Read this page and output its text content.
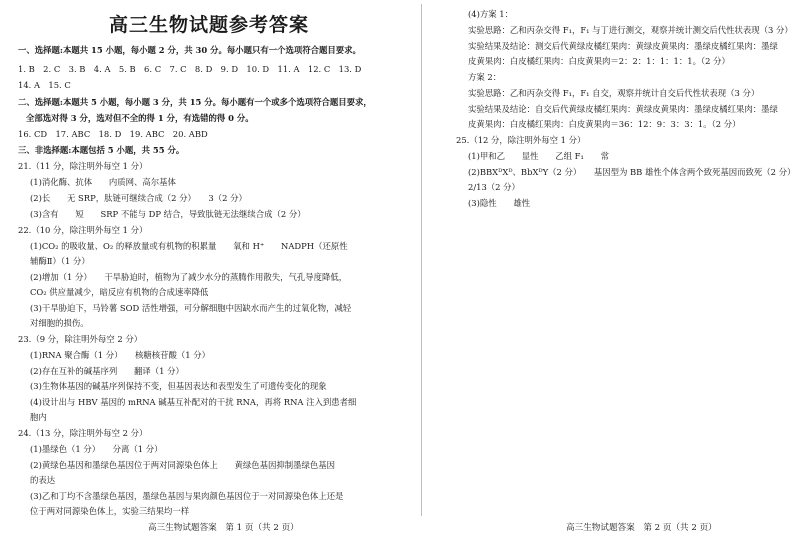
高三生物试题参考答案
一、选择题:本题共 15 小题，每小题 2 分，共 30 分。每小题只有一个选项符合题目要求。
1. B　2. C　3. B　4. A　5. B　6. C　7. C　8. D　9. D　10. D　11. A　12. C　13. D
14. A　15. C
二、选择题:本题共 5 小题，每小题 3 分，共 15 分。每小题有一个或多个选项符合题目要求，
全部选对得 3 分，选对但不全的得 1 分，有选错的得 0 分。
16. CD　17. ABC　18. D　19. ABC　20. ABD
三、非选择题:本题包括 5 小题，共 55 分。
21.（11 分，除注明外每空 1 分）
(1)消化酶、抗体　　内质网、高尔基体
(2)长　　无 SRP，肽链可继续合成（2 分）　　3（2 分）
(3)含有　　短　　SRP 不能与 DP 结合，导致肽链无法继续合成（2 分）
22.（10 分，除注明外每空 1 分）
(1)CO₂ 的吸收量、O₂ 的释放量或有机物的积累量　　氧和 H⁺　　NADPH（还原性
辅酶Ⅱ）（1 分）
(2)增加（1 分）　　干旱胁迫时，植物为了减少水分的蒸腾作用散失，气孔导度降低，
CO₂ 供应量减少，暗反应有机物的合成速率降低
(3)干旱胁迫下，马铃薯 SOD 活性增强，可分解细胞中因缺水而产生的过氧化物，减轻
对细胞的损伤。
23.（9 分，除注明外每空 2 分）
(1)RNA 聚合酶（1 分）　　核糖核苷酸（1 分）
(2)存在互补的碱基序列　　翻译（1 分）
(3)生物体基因的碱基序列保持不变，但基因表达和表型发生了可遗传变化的现象
(4)设计出与 HBV 基因的 mRNA 碱基互补配对的干扰 RNA，再将 RNA 注入到患者细
胞内
24.（13 分，除注明外每空 2 分）
(1)墨绿色（1 分）　　分离（1 分）
(2)黄绿色基因和墨绿色基因位于两对同源染色体上　　黄绿色基因抑制墨绿色基因
的表达
(3)乙和丁均不含墨绿色基因，墨绿色基因与果肉颜色基因位于一对同源染色体上还是
位于两对同源染色体上，实验三结果均一样
(4)方案 1：
实验思路：乙和丙杂交得 F₁，F₁ 与丁进行测交，观察并统计测交后代性状表现（3 分）
实验结果及结论：测交后代黄绿皮橘红果肉：黄绿皮黄果肉：墨绿皮橘红果肉：墨绿
皮黄果肉：白皮橘红果肉：白皮黄果肉＝2：2：1：1：1：1。（2 分）
方案 2：
实验思路：乙和丙杂交得 F₁，F₁ 自交，观察并统计自交后代性状表现（3 分）
实验结果及结论：自交后代黄绿皮橘红果肉：黄绿皮黄果肉：墨绿皮橘红果肉：墨绿
皮黄果肉：白皮橘红果肉：白皮黄果肉＝36：12：9：3：3：1。（2 分）
25.（12 分，除注明外每空 1 分）
(1)甲和乙　　显性　　乙组 F₁　　常
(2)BBXᴰXᴰ、BbXᴰY（2 分）　　基因型为 BB 雄性个体含两个致死基因而致死（2 分）
2/13（2 分）
(3)隐性　　雄性
高三生物试题答案　第 1 页（共 2 页）	高三生物试题答案　第 2 页（共 2 页）
